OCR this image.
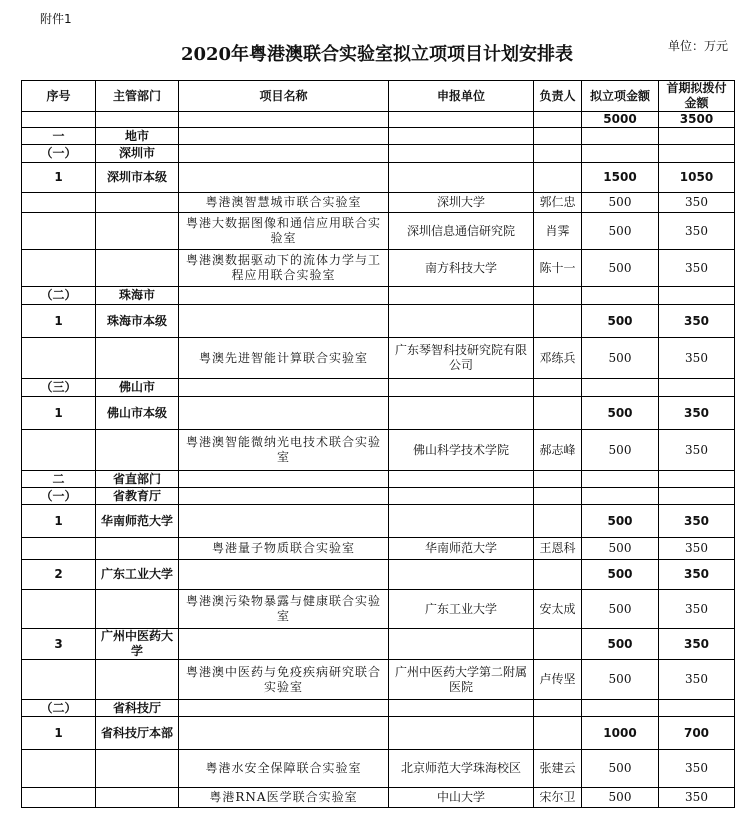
附件1
2020年粤港澳联合实验室拟立项项目计划安排表	单位：万元
序号	主管部门	项目名称	申报单位	负责人	拟立项金额	首期拟拨付金额
					5000	3500
一	地市					
（一）	深圳市					
1	深圳市本级				1500	1050
		粤港澳智慧城市联合实验室	深圳大学	郭仁忠	500	350
		粤港大数据图像和通信应用联合实验室	深圳信息通信研究院	肖霁	500	350
		粤港澳数据驱动下的流体力学与工程应用联合实验室	南方科技大学	陈十一	500	350
（二）	珠海市					
1	珠海市本级				500	350
		粤澳先进智能计算联合实验室	广东琴智科技研究院有限公司	邓练兵	500	350
（三）	佛山市					
1	佛山市本级				500	350
		粤港澳智能微纳光电技术联合实验室	佛山科学技术学院	郝志峰	500	350
二	省直部门					
（一）	省教育厅					
1	华南师范大学				500	350
		粤港量子物质联合实验室	华南师范大学	王恩科	500	350
2	广东工业大学				500	350
		粤港澳污染物暴露与健康联合实验室	广东工业大学	安太成	500	350
3	广州中医药大学				500	350
		粤港澳中医药与免疫疾病研究联合实验室	广州中医药大学第二附属医院	卢传坚	500	350
（二）	省科技厅					
1	省科技厅本部				1000	700
		粤港水安全保障联合实验室	北京师范大学珠海校区	张建云	500	350
		粤港RNA医学联合实验室	中山大学	宋尔卫	500	350
